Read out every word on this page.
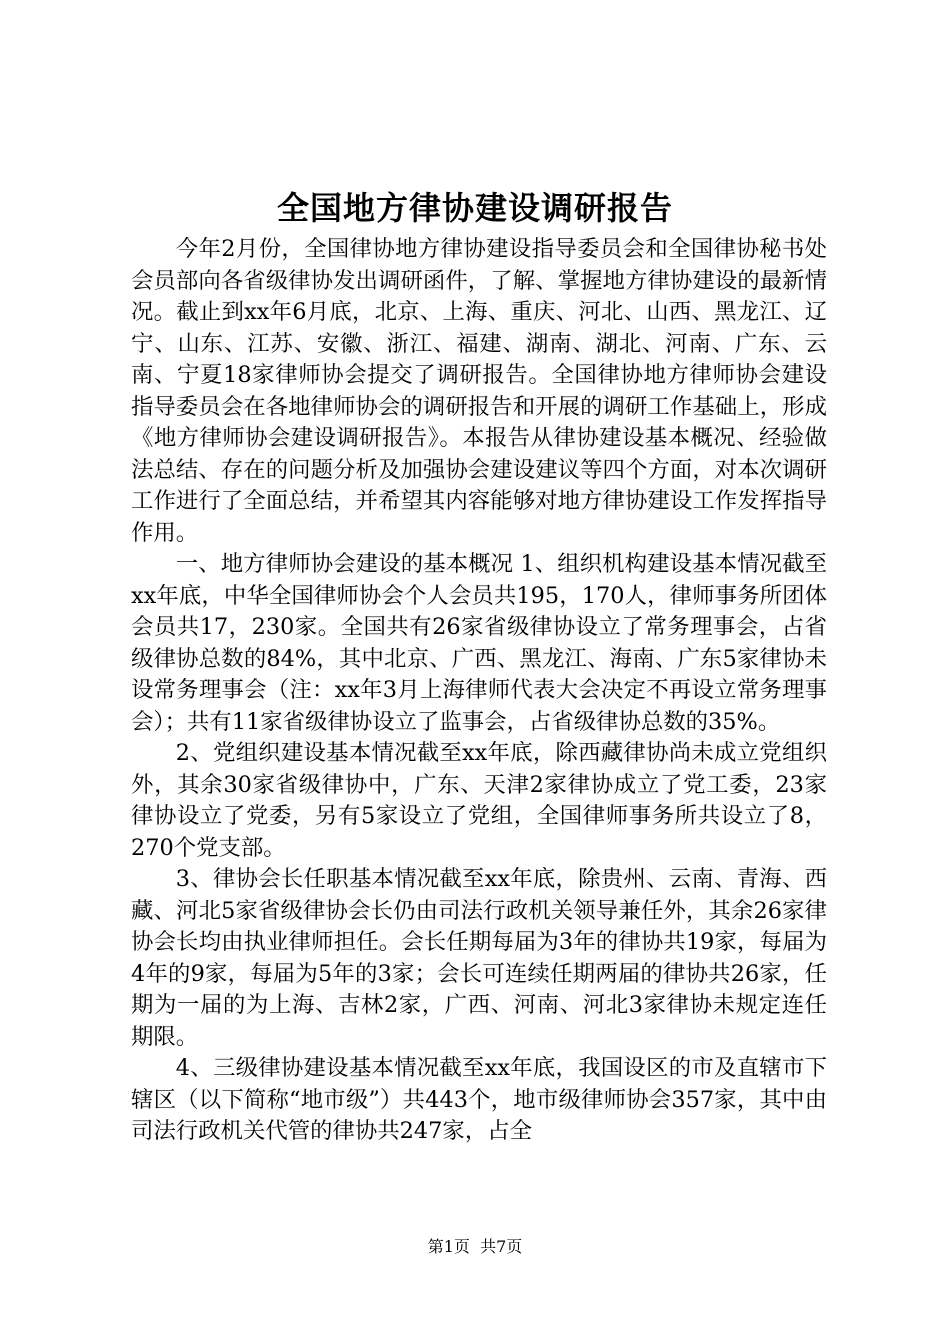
全国地方律协建设调研报告

今年2月份，全国律协地方律协建设指导委员会和全国律协秘书处会员部向各省级律协发出调研函件，了解、掌握地方律协建设的最新情况。截止到xx年6月底，北京、上海、重庆、河北、山西、黑龙江、辽宁、山东、江苏、安徽、浙江、福建、湖南、湖北、河南、广东、云南、宁夏18家律师协会提交了调研报告。全国律协地方律师协会建设指导委员会在各地律师协会的调研报告和开展的调研工作基础上，形成《地方律师协会建设调研报告》。本报告从律协建设基本概况、经验做法总结、存在的问题分析及加强协会建设建议等四个方面，对本次调研工作进行了全面总结，并希望其内容能够对地方律协建设工作发挥指导作用。

一、地方律师协会建设的基本概况 1、组织机构建设基本情况截至xx年底，中华全国律师协会个人会员共195，170人，律师事务所团体会员共17，230家。全国共有26家省级律协设立了常务理事会，占省级律协总数的84%，其中北京、广西、黑龙江、海南、广东5家律协未设常务理事会（注：xx年3月上海律师代表大会决定不再设立常务理事会）；共有11家省级律协设立了监事会，占省级律协总数的35%。

2、党组织建设基本情况截至xx年底，除西藏律协尚未成立党组织外，其余30家省级律协中，广东、天津2家律协成立了党工委，23家律协设立了党委，另有5家设立了党组，全国律师事务所共设立了8，270个党支部。

3、律协会长任职基本情况截至xx年底，除贵州、云南、青海、西藏、河北5家省级律协会长仍由司法行政机关领导兼任外，其余26家律协会长均由执业律师担任。会长任期每届为3年的律协共19家，每届为4年的9家，每届为5年的3家；会长可连续任期两届的律协共26家，任期为一届的为上海、吉林2家，广西、河南、河北3家律协未规定连任期限。

4、三级律协建设基本情况截至xx年底，我国设区的市及直辖市下辖区（以下简称“地市级”）共443个，地市级律师协会357家，其中由司法行政机关代管的律协共247家，占全

第1页  共7页
